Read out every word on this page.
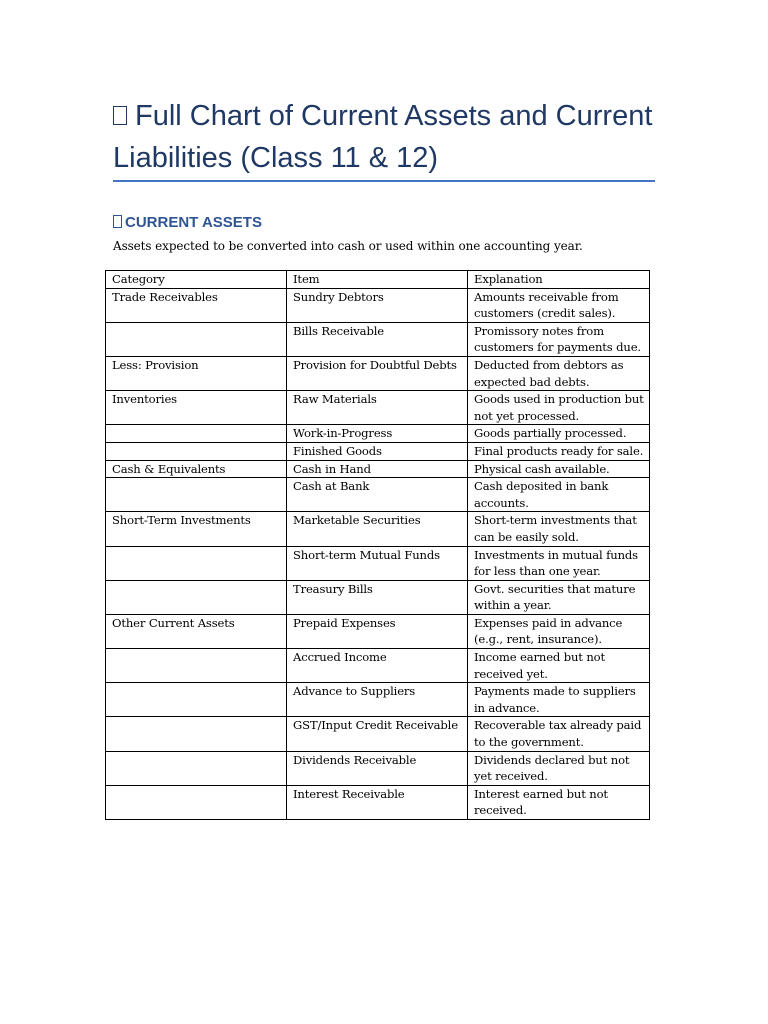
Full Chart of Current Assets and Current Liabilities (Class 11 & 12)
CURRENT ASSETS

Assets expected to be converted into cash or used within one accounting year.

Category	Item	Explanation
Trade Receivables	Sundry Debtors	Amounts receivable from customers (credit sales).
	Bills Receivable	Promissory notes from customers for payments due.
Less: Provision	Provision for Doubtful Debts	Deducted from debtors as expected bad debts.
Inventories	Raw Materials	Goods used in production but not yet processed.
	Work-in-Progress	Goods partially processed.
	Finished Goods	Final products ready for sale.
Cash & Equivalents	Cash in Hand	Physical cash available.
	Cash at Bank	Cash deposited in bank accounts.
Short-Term Investments	Marketable Securities	Short-term investments that can be easily sold.
	Short-term Mutual Funds	Investments in mutual funds for less than one year.
	Treasury Bills	Govt. securities that mature within a year.
Other Current Assets	Prepaid Expenses	Expenses paid in advance (e.g., rent, insurance).
	Accrued Income	Income earned but not received yet.
	Advance to Suppliers	Payments made to suppliers in advance.
	GST/Input Credit Receivable	Recoverable tax already paid to the government.
	Dividends Receivable	Dividends declared but not yet received.
	Interest Receivable	Interest earned but not received.
